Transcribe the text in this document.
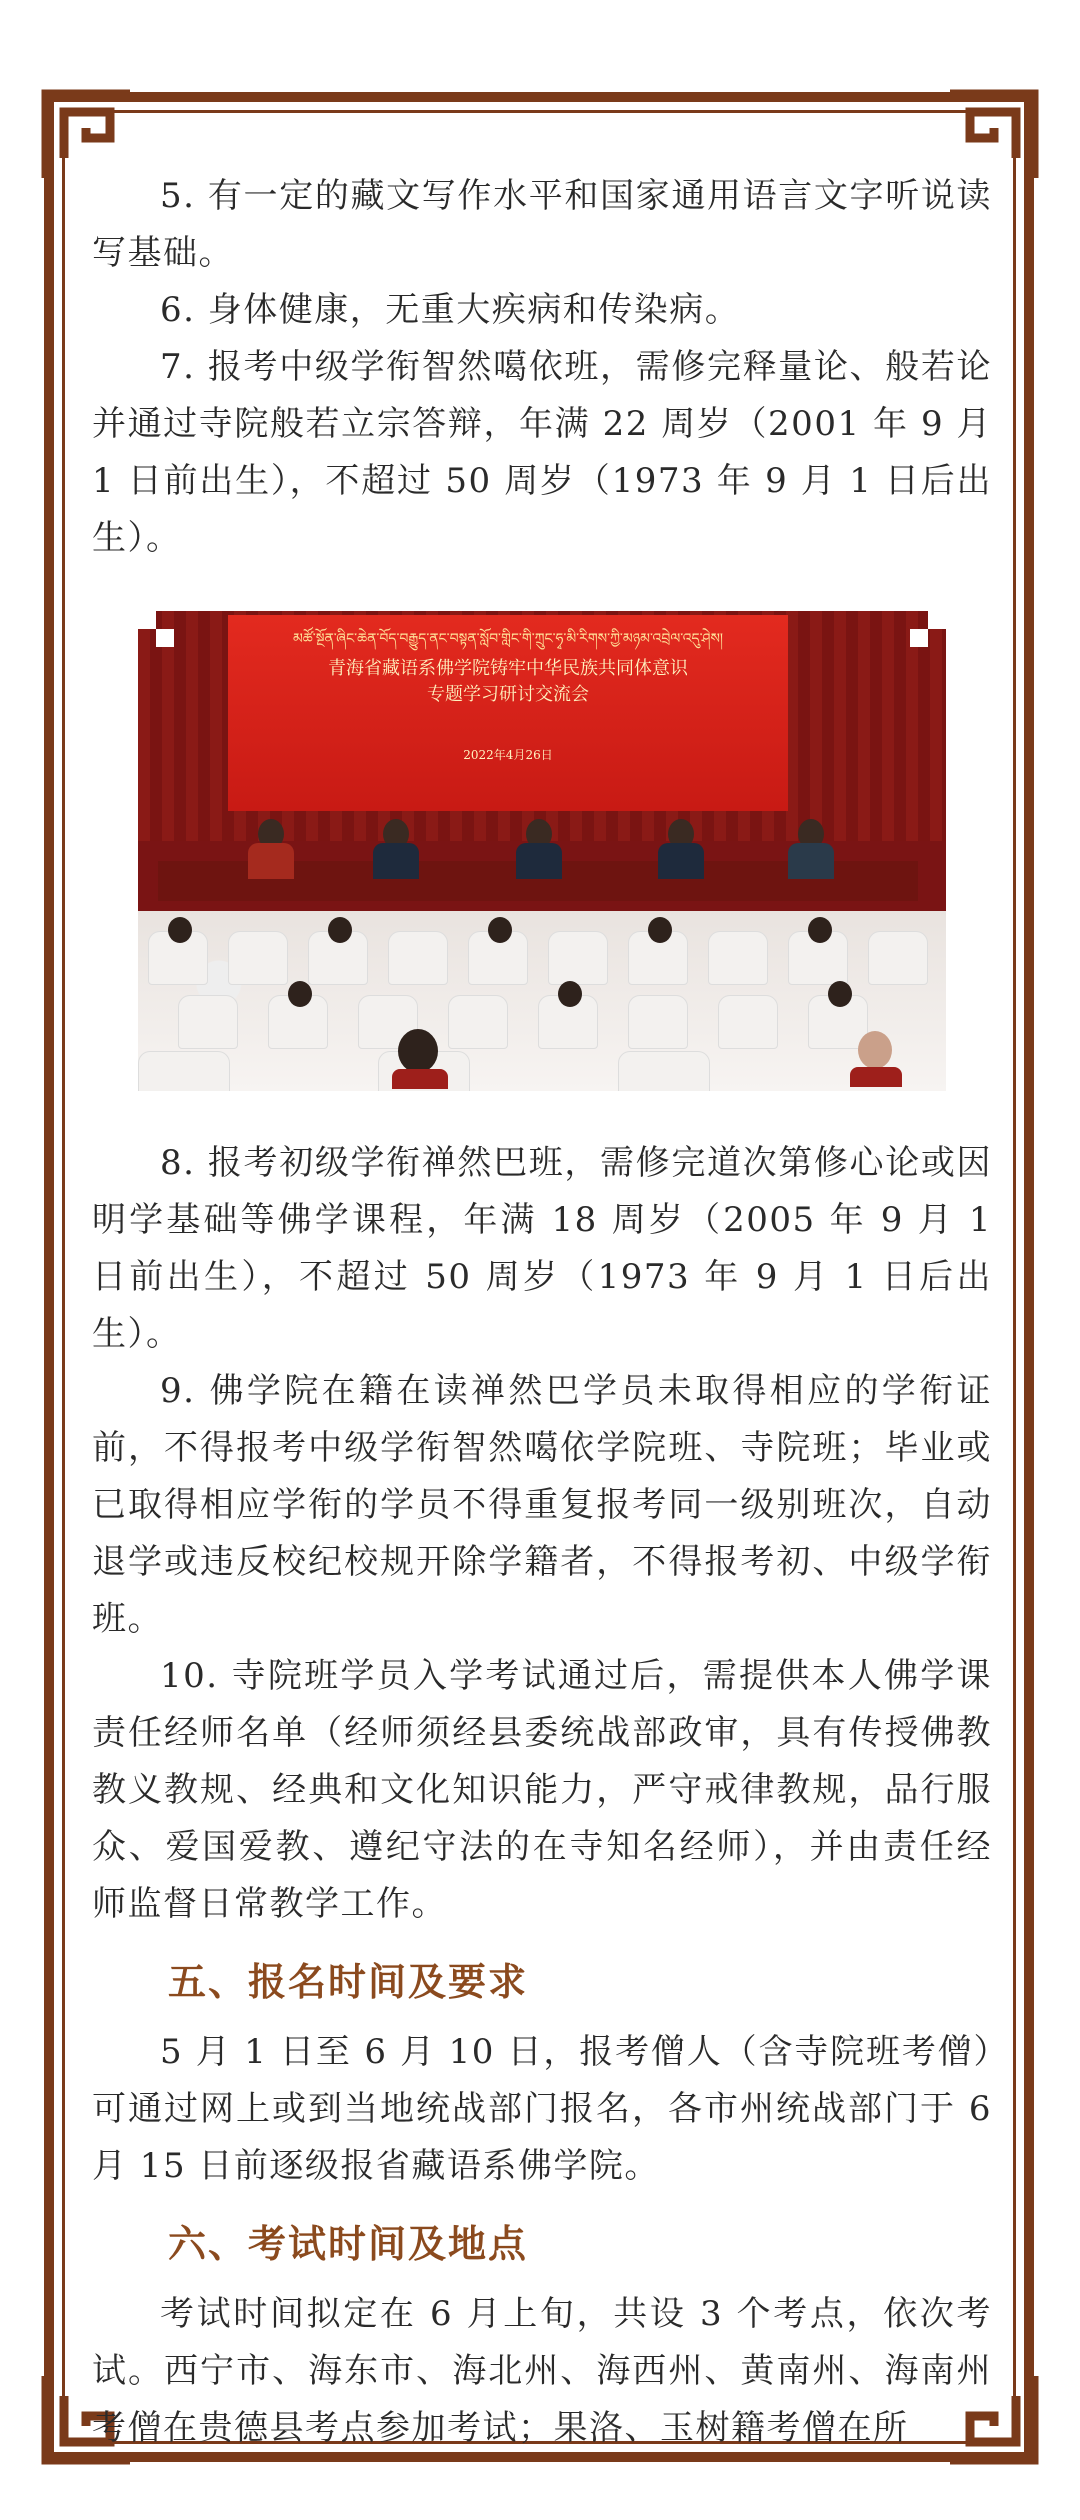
5. 有一定的藏文写作水平和国家通用语言文字听说读写基础。

6. 身体健康，无重大疾病和传染病。

7. 报考中级学衔智然噶依班，需修完释量论、般若论并通过寺院般若立宗答辩，年满 22 周岁（2001 年 9 月 1 日前出生），不超过 50 周岁（1973 年 9 月 1 日后出生）。

མཚོ་སྔོན་ཞིང་ཆེན་བོད་བརྒྱུད་ནང་བསྟན་སློབ་གླིང་གི་ཀྲུང་ཧྭ་མི་རིགས་ཀྱི་མཉམ་འབྲེལ་འདུ་ཤེས།
青海省藏语系佛学院铸牢中华民族共同体意识
专题学习研讨交流会
2022年4月26日

8. 报考初级学衔禅然巴班，需修完道次第修心论或因明学基础等佛学课程，年满 18 周岁（2005 年 9 月 1 日前出生），不超过 50 周岁（1973 年 9 月 1 日后出生）。

9. 佛学院在籍在读禅然巴学员未取得相应的学衔证前，不得报考中级学衔智然噶依学院班、寺院班；毕业或已取得相应学衔的学员不得重复报考同一级别班次，自动退学或违反校纪校规开除学籍者，不得报考初、中级学衔班。

10. 寺院班学员入学考试通过后，需提供本人佛学课责任经师名单（经师须经县委统战部政审，具有传授佛教教义教规、经典和文化知识能力，严守戒律教规，品行服众、爱国爱教、遵纪守法的在寺知名经师），并由责任经师监督日常教学工作。

五、报名时间及要求

5 月 1 日至 6 月 10 日，报考僧人（含寺院班考僧）可通过网上或到当地统战部门报名，各市州统战部门于 6 月 15 日前逐级报省藏语系佛学院。

六、考试时间及地点

考试时间拟定在 6 月上旬，共设 3 个考点，依次考试。西宁市、海东市、海北州、海西州、黄南州、海南州考僧在贵德县考点参加考试；果洛、玉树籍考僧在所
